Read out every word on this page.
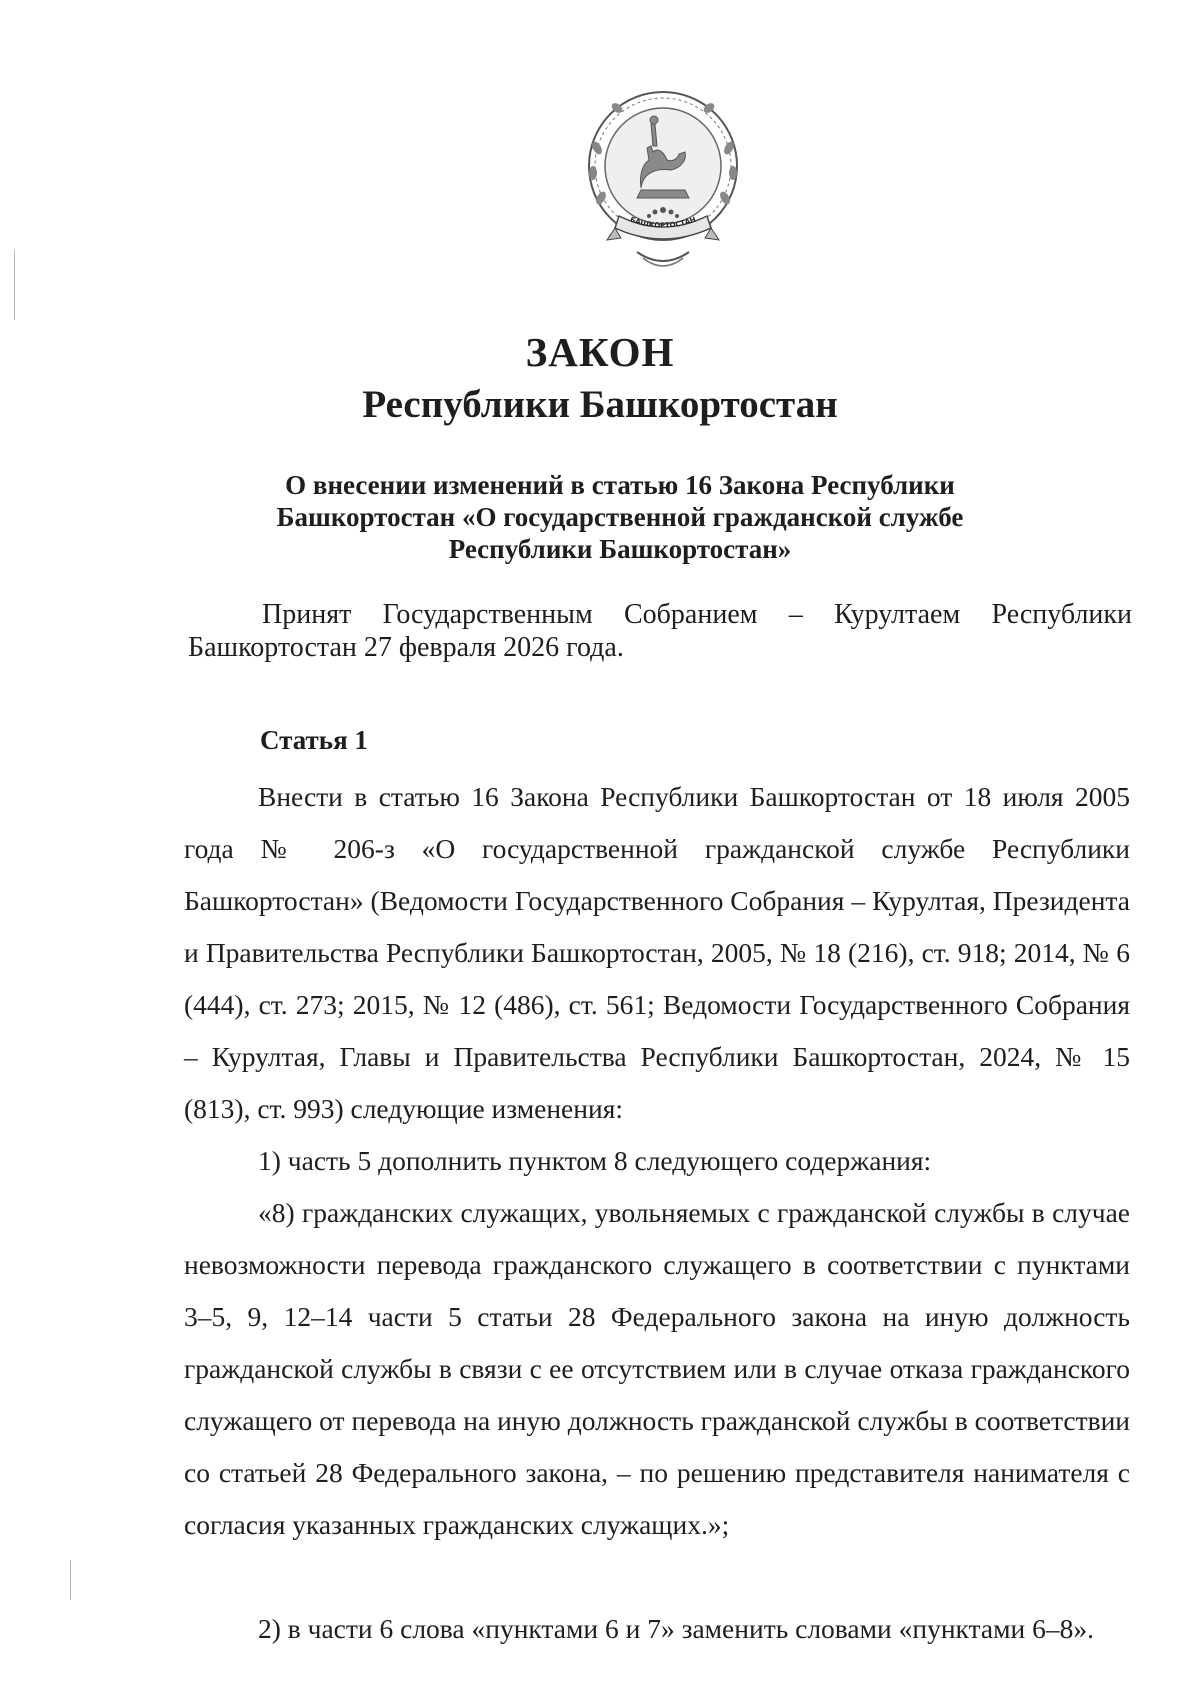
БАШКОРТОСТАН
ЗАКОН
Республики Башкортостан

О внесении изменений в статью 16 Закона Республики Башкортостан «О государственной гражданской службе Республики Башкортостан»

Принят Государственным Собранием – Курултаем Республики Башкортостан 27 февраля 2026 года.

Статья 1

Внести в статью 16 Закона Республики Башкортостан от 18 июля 2005 года № 206-з «О государственной гражданской службе Республики Башкортостан» (Ведомости Государственного Собрания – Курултая, Президента и Правительства Республики Башкортостан, 2005, № 18 (216), ст. 918; 2014, № 6 (444), ст. 273; 2015, № 12 (486), ст. 561; Ведомости Государственного Собрания – Курултая, Главы и Правительства Республики Башкортостан, 2024, № 15 (813), ст. 993) следующие изменения:

1) часть 5 дополнить пунктом 8 следующего содержания:

«8) гражданских служащих, увольняемых с гражданской службы в случае невозможности перевода гражданского служащего в соответствии с пунктами 3–5, 9, 12–14 части 5 статьи 28 Федерального закона на иную должность гражданской службы в связи с ее отсутствием или в случае отказа гражданского служащего от перевода на иную должность гражданской службы в соответствии со статьей 28 Федерального закона, – по решению представителя нанимателя с согласия указанных гражданских служащих.»;

2) в части 6 слова «пунктами 6 и 7» заменить словами «пунктами 6–8».
